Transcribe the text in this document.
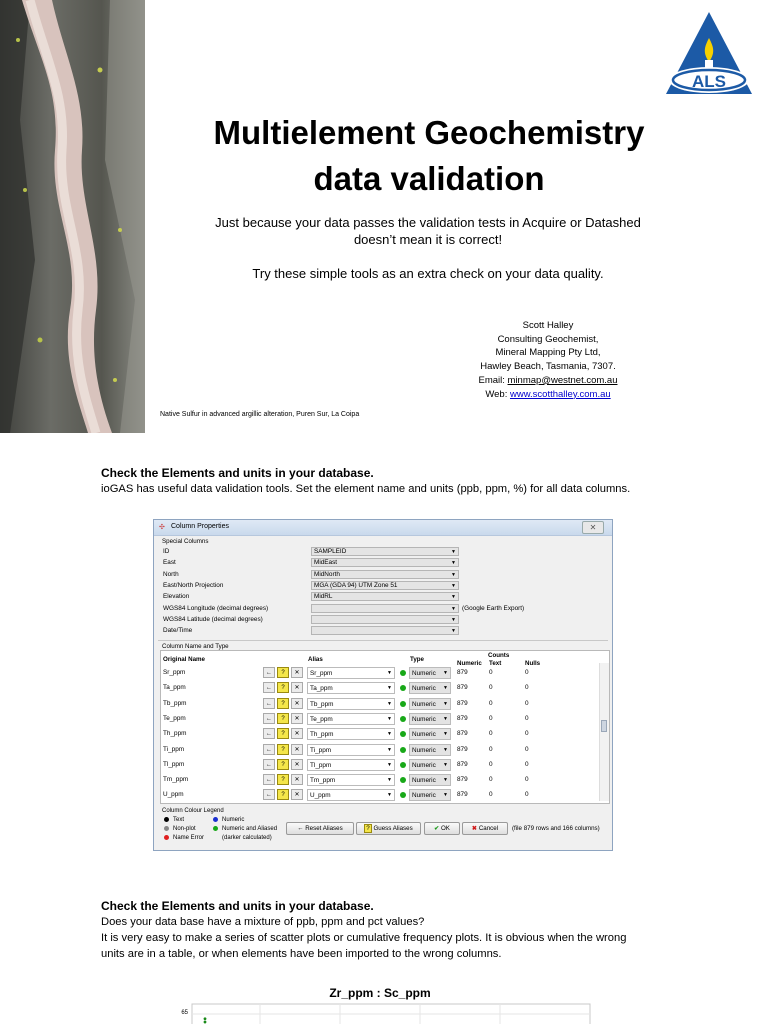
ALS
Multielement Geochemistry
data validation

Just because your data passes the validation tests in Acquire or Datashed

doesn’t mean it is correct!

Try these simple tools as an extra check on your data quality.

Scott Halley
Consulting Geochemist,
Mineral Mapping Pty Ltd,
Hawley Beach, Tasmania, 7307.
Email: minmap@westnet.com.au
Web: www.scotthalley.com.au
Native Sulfur in advanced argillic alteration, Puren Sur, La Coipa
Check the Elements and units in your database.

ioGAS has useful data validation tools. Set the element name and units (ppb, ppm, %) for all data columns.

✣ Column Properties	✕
Special Columns
ID	SAMPLEID ▼
East	MidEast ▼
North	MidNorth ▼
East/North Projection	MGA (GDA 94) UTM Zone 51 ▼
Elevation	MidRL ▼
WGS84 Longitude (decimal degrees)
▼	(Google Earth Export)
WGS84 Latitude (decimal degrees)
▼
Date/Time
▼
Column Name and Type
Original Name	Alias	Type
Counts
Numeric Text	Nulls
Sr_ppm	←	?	✕	Sr_ppm ▼	Numeric ▼	879	0	0
Ta_ppm	←	?	✕	Ta_ppm ▼	Numeric ▼	879	0	0
Tb_ppm	←	?	✕	Tb_ppm ▼	Numeric ▼	879	0	0
Te_ppm	←	?	✕	Te_ppm ▼	Numeric ▼	879	0	0
Th_ppm	←	?	✕	Th_ppm ▼	Numeric ▼	879	0	0
Ti_ppm	←	?	✕	Ti_ppm ▼	Numeric ▼	879	0	0
Tl_ppm	←	?	✕	Tl_ppm ▼	Numeric ▼	879	0	0
Tm_ppm	←	?	✕	Tm_ppm ▼	Numeric ▼	879	0	0
U_ppm	←	?	✕	U_ppm ▼	Numeric ▼	879	0	0
Column Colour Legend
Text
Non-plot
Name Error
Numeric
Numeric and Aliased
(darker calculated)
← Reset Aliases	? Guess Aliases	✔ OK	✖ Cancel	(file 879 rows and 166 columns)
Check the Elements and units in your database.

Does your data base have a mixture of ppb, ppm and pct values?

It is very easy to make a series of scatter plots or cumulative frequency plots. It is obvious when the wrong

units are in a table, or when elements have been imported to the wrong columns.

Zr_ppm : Sc_ppm
65
